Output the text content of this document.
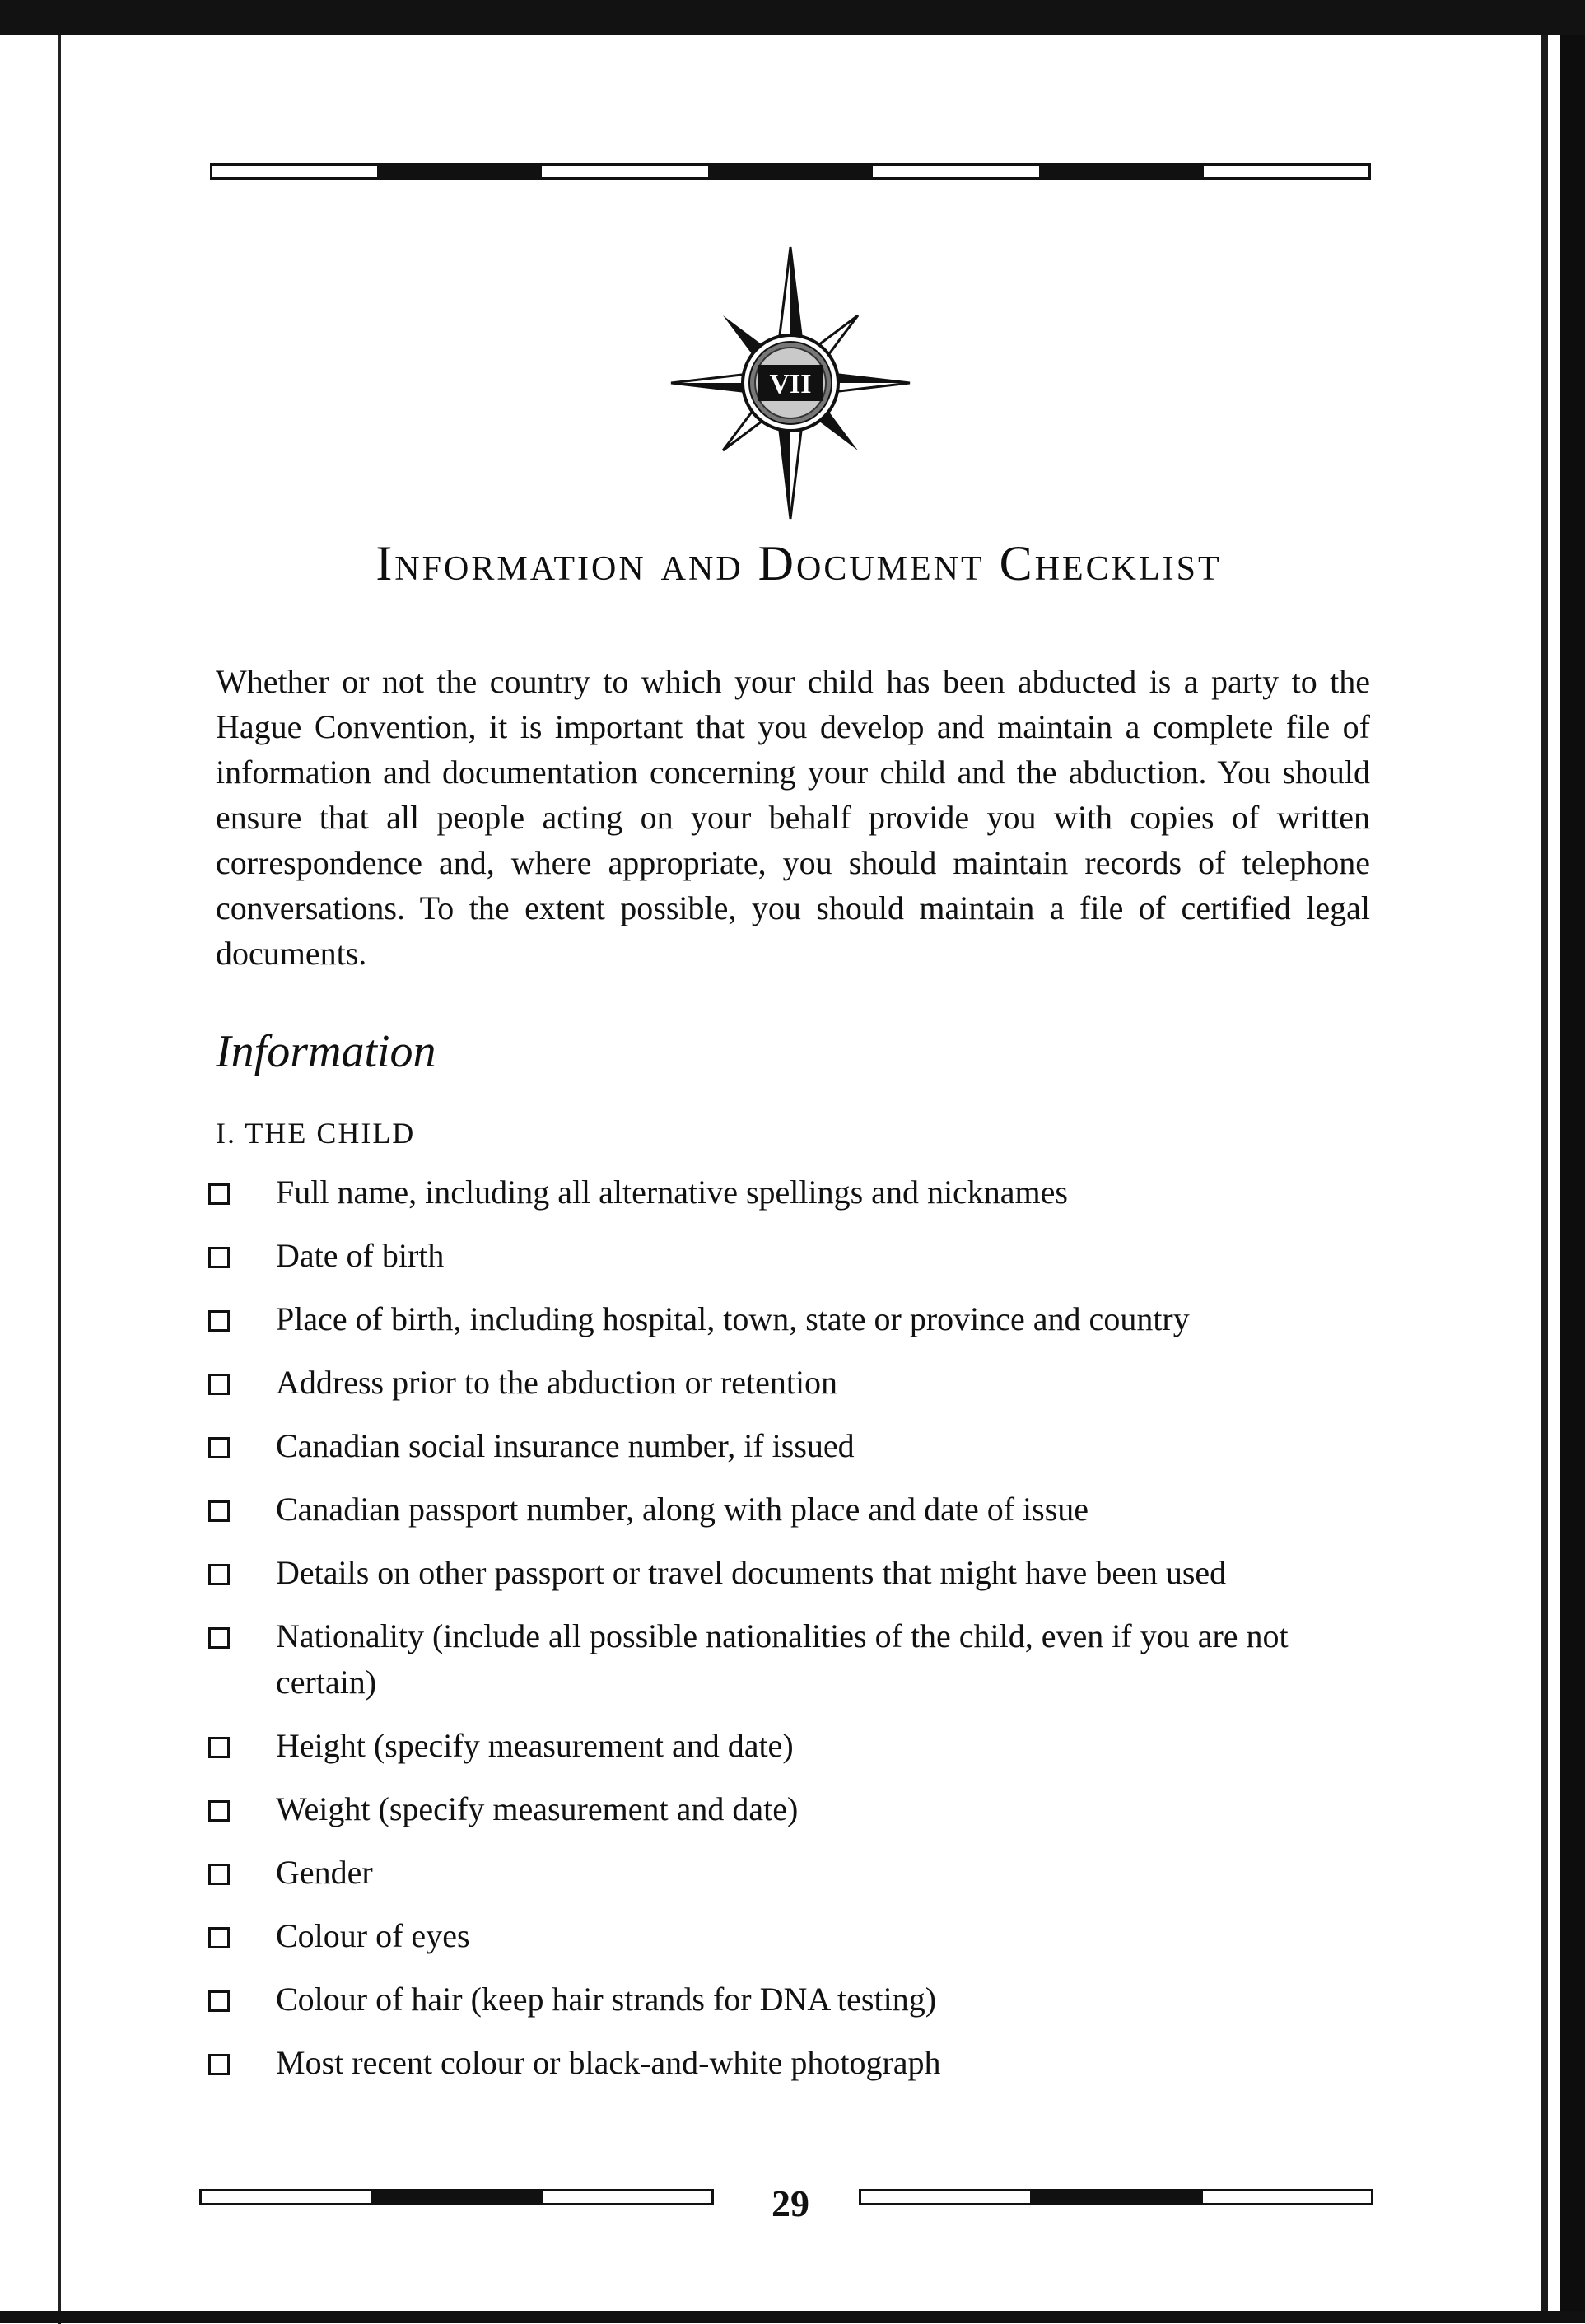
VII
Information and Document Checklist

Whether or not the country to which your child has been abducted is a party to the Hague Convention, it is important that you develop and maintain a complete file of information and documentation concerning your child and the abduction. You should ensure that all people acting on your behalf provide you with copies of written correspondence and, where appropriate, you should maintain records of telephone conversations. To the extent possible, you should maintain a file of certified legal documents.

Information
I. THE CHILD
Full name, including all alternative spellings and nicknames
Date of birth
Place of birth, including hospital, town, state or province and country
Address prior to the abduction or retention
Canadian social insurance number, if issued
Canadian passport number, along with place and date of issue
Details on other passport or travel documents that might have been used
Nationality (include all possible nationalities of the child, even if you are not certain)
Height (specify measurement and date)
Weight (specify measurement and date)
Gender
Colour of eyes
Colour of hair (keep hair strands for DNA testing)
Most recent colour or black-and-white photograph
29
